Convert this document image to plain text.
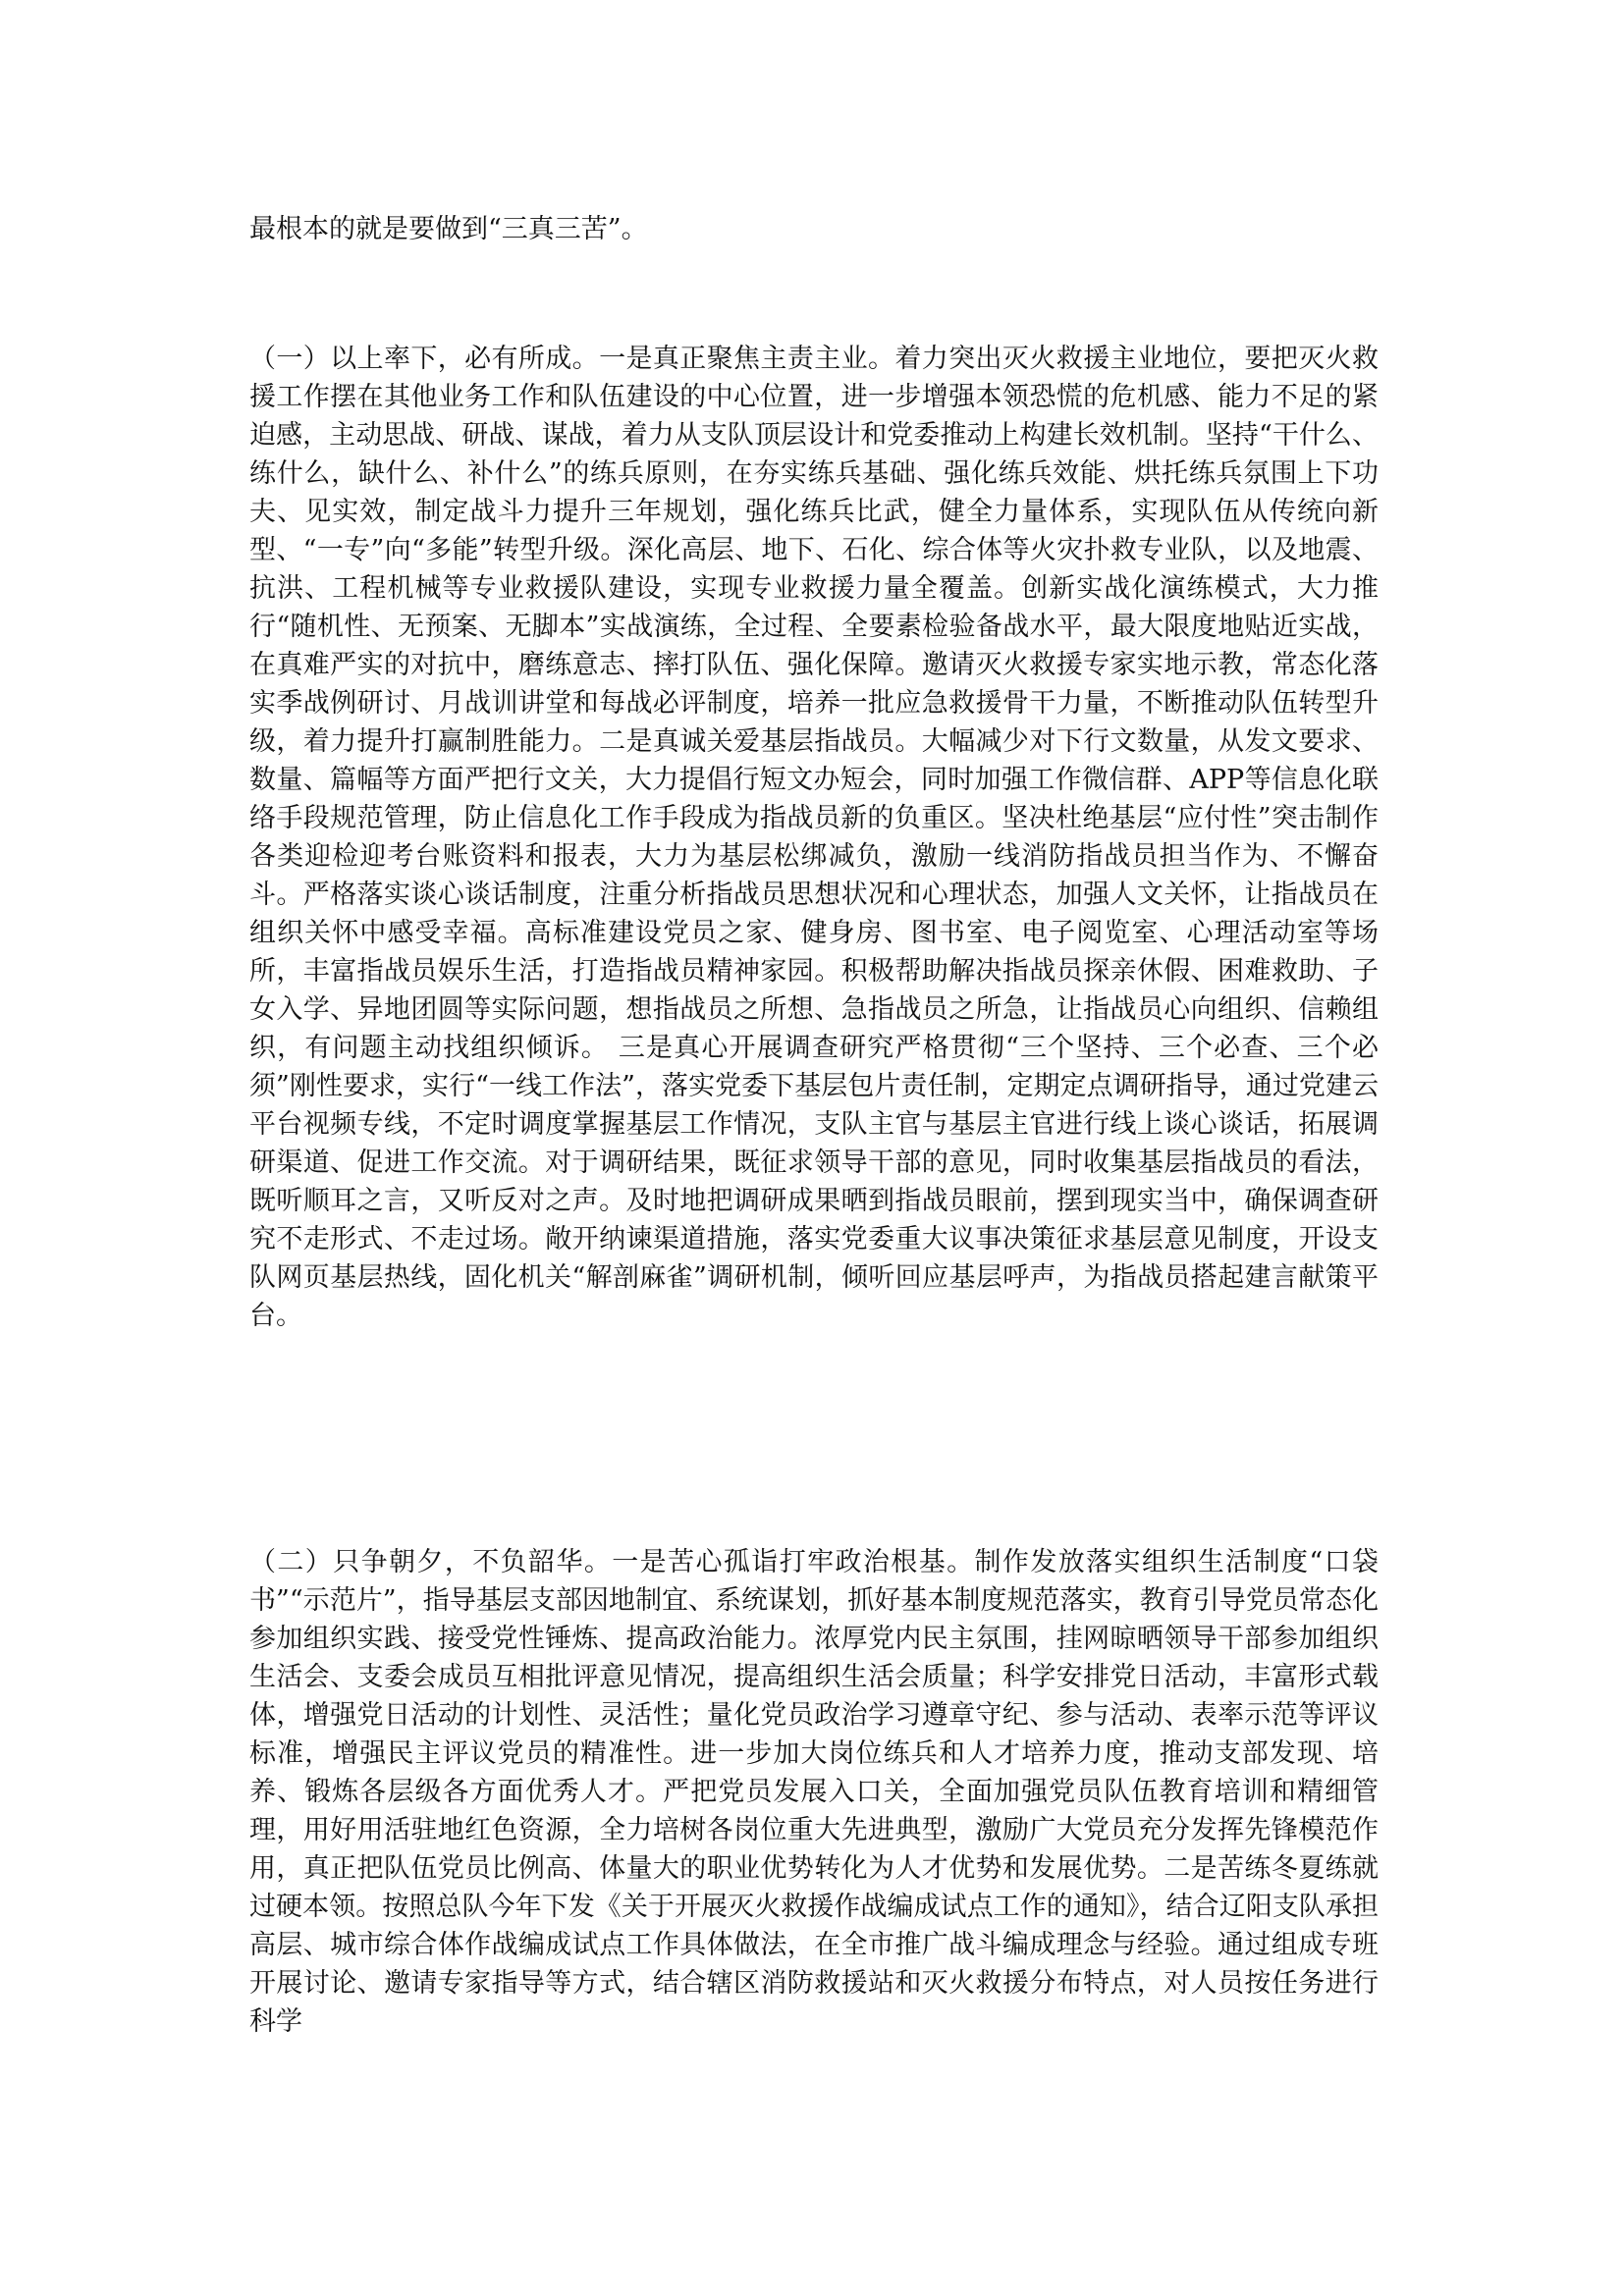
最根本的就是要做到“三真三苦”。
（一）以上率下，必有所成。一是真正聚焦主责主业。着力突出灭火救援主业地位，要把灭火救援工作摆在其他业务工作和队伍建设的中心位置，进一步增强本领恐慌的危机感、能力不足的紧迫感，主动思战、研战、谋战，着力从支队顶层设计和党委推动上构建长效机制。坚持“干什么、练什么，缺什么、补什么”的练兵原则，在夯实练兵基础、强化练兵效能、烘托练兵氛围上下功夫、见实效，制定战斗力提升三年规划，强化练兵比武，健全力量体系，实现队伍从传统向新型、“一专”向“多能”转型升级。深化高层、地下、石化、综合体等火灾扑救专业队，以及地震、抗洪、工程机械等专业救援队建设，实现专业救援力量全覆盖。创新实战化演练模式，大力推行“随机性、无预案、无脚本”实战演练，全过程、全要素检验备战水平，最大限度地贴近实战，在真难严实的对抗中，磨练意志、摔打队伍、强化保障。邀请灭火救援专家实地示教，常态化落实季战例研讨、月战训讲堂和每战必评制度，培养一批应急救援骨干力量，不断推动队伍转型升级，着力提升打赢制胜能力。二是真诚关爱基层指战员。大幅减少对下行文数量，从发文要求、数量、篇幅等方面严把行文关，大力提倡行短文办短会，同时加强工作微信群、APP等信息化联络手段规范管理，防止信息化工作手段成为指战员新的负重区。坚决杜绝基层“应付性”突击制作各类迎检迎考台账资料和报表，大力为基层松绑减负，激励一线消防指战员担当作为、不懈奋斗。严格落实谈心谈话制度，注重分析指战员思想状况和心理状态，加强人文关怀，让指战员在组织关怀中感受幸福。高标准建设党员之家、健身房、图书室、电子阅览室、心理活动室等场所，丰富指战员娱乐生活，打造指战员精神家园。积极帮助解决指战员探亲休假、困难救助、子女入学、异地团圆等实际问题，想指战员之所想、急指战员之所急，让指战员心向组织、信赖组织，有问题主动找组织倾诉。 三是真心开展调查研究严格贯彻“三个坚持、三个必查、三个必须”刚性要求，实行“一线工作法”，落实党委下基层包片责任制，定期定点调研指导，通过党建云平台视频专线，不定时调度掌握基层工作情况，支队主官与基层主官进行线上谈心谈话，拓展调研渠道、促进工作交流。对于调研结果，既征求领导干部的意见，同时收集基层指战员的看法，既听顺耳之言，又听反对之声。及时地把调研成果晒到指战员眼前，摆到现实当中，确保调查研究不走形式、不走过场。敞开纳谏渠道措施，落实党委重大议事决策征求基层意见制度，开设支队网页基层热线，固化机关“解剖麻雀”调研机制，倾听回应基层呼声，为指战员搭起建言献策平台。
（二）只争朝夕，不负韶华。一是苦心孤诣打牢政治根基。制作发放落实组织生活制度“口袋书”“示范片”，指导基层支部因地制宜、系统谋划，抓好基本制度规范落实，教育引导党员常态化参加组织实践、接受党性锤炼、提高政治能力。浓厚党内民主氛围，挂网晾晒领导干部参加组织生活会、支委会成员互相批评意见情况，提高组织生活会质量；科学安排党日活动，丰富形式载体，增强党日活动的计划性、灵活性；量化党员政治学习遵章守纪、参与活动、表率示范等评议标准，增强民主评议党员的精准性。进一步加大岗位练兵和人才培养力度，推动支部发现、培养、锻炼各层级各方面优秀人才。严把党员发展入口关，全面加强党员队伍教育培训和精细管理，用好用活驻地红色资源，全力培树各岗位重大先进典型，激励广大党员充分发挥先锋模范作用，真正把队伍党员比例高、体量大的职业优势转化为人才优势和发展优势。二是苦练冬夏练就过硬本领。按照总队今年下发《关于开展灭火救援作战编成试点工作的通知》，结合辽阳支队承担高层、城市综合体作战编成试点工作具体做法，在全市推广战斗编成理念与经验。通过组成专班开展讨论、邀请专家指导等方式，结合辖区消防救援站和灭火救援分布特点，对人员按任务进行科学
